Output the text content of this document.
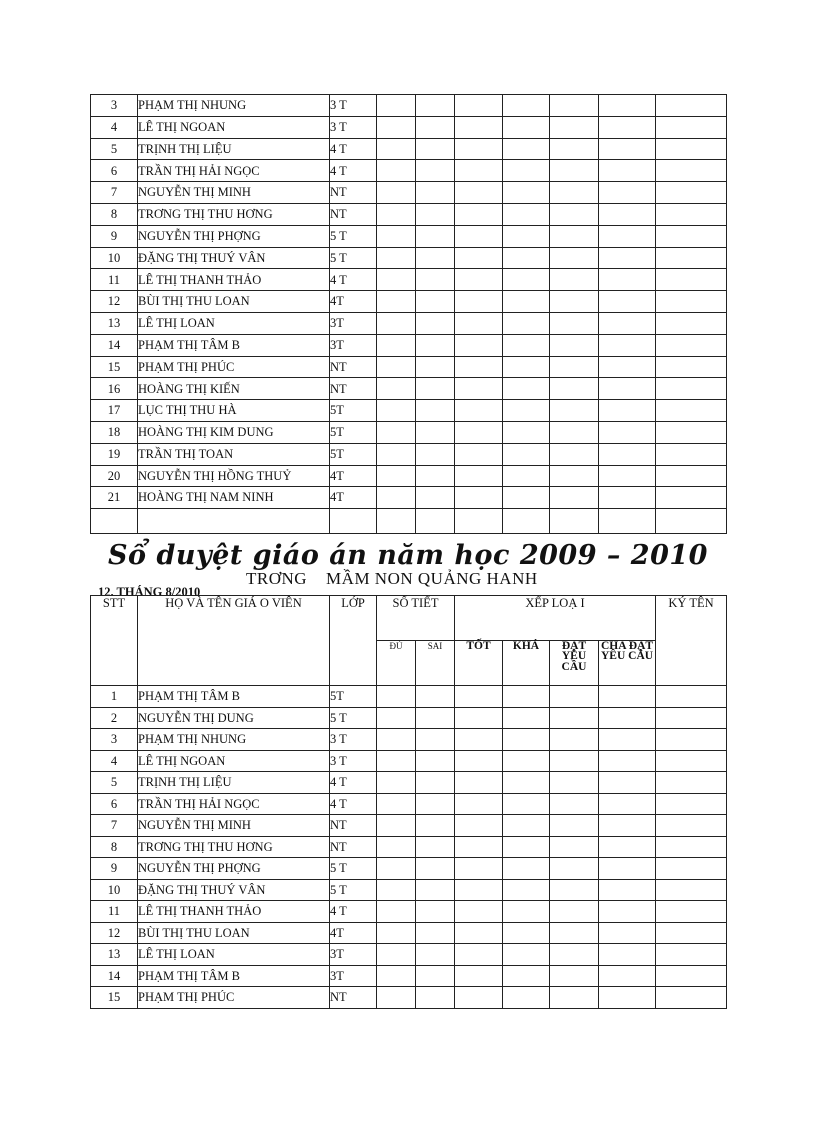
3	PHẠM THỊ NHUNG	3 T							
4	LÊ THỊ NGOAN	3 T							
5	TRỊNH THỊ LIỆU	4 T							
6	TRẦN THỊ HẢI NGỌC	4 T							
7	NGUYỄN THỊ MINH	NT							
8	TRƠNG THỊ THU HƠNG	NT							
9	NGUYỄN THỊ PHỢNG	5 T							
10	ĐẶNG THỊ THUÝ VÂN	5 T							
11	LÊ THỊ THANH THẢO	4 T							
12	BÙI THỊ THU LOAN	4T							
13	LÊ THỊ LOAN	3T							
14	PHẠM THỊ TÂM B	3T							
15	PHẠM THỊ PHÚC	NT							
16	HOÀNG THỊ KIẾN	NT							
17	LỤC THỊ THU HÀ	5T							
18	HOÀNG THỊ KIM DUNG	5T							
19	TRẦN THỊ TOAN	5T							
20	NGUYỄN THỊ HỒNG THUỶ	4T							
21	HOÀNG THỊ NAM NINH	4T							

Sổ duyệt giáo án năm học 2009 – 2010

TRƠNG    MẦM NON QUẢNG HANH

12. THÁNG 8/2010

STT	HỌ VÀ TÊN GIÁ O VIÊN	LỚP	SỐ TIẾT		XẾP LOẠ I				KÝ TÊN
			ĐỦ	SAI	TỐT	KHÁ	ĐẠT YÊU CẦU	CHA ĐẠT YÊU CẦU	
1	PHẠM THỊ TÂM B	5T							
2	NGUYỄN THỊ DUNG	5 T							
3	PHẠM THỊ NHUNG	3 T							
4	LÊ THỊ NGOAN	3 T							
5	TRỊNH THỊ LIỆU	4 T							
6	TRẦN THỊ HẢI NGỌC	4 T							
7	NGUYỄN THỊ MINH	NT							
8	TRƠNG THỊ THU HƠNG	NT							
9	NGUYỄN THỊ PHỢNG	5 T							
10	ĐẶNG THỊ THUÝ VÂN	5 T							
11	LÊ THỊ THANH THẢO	4 T							
12	BÙI THỊ THU LOAN	4T							
13	LÊ THỊ LOAN	3T							
14	PHẠM THỊ TÂM B	3T							
15	PHẠM THỊ PHÚC	NT							
